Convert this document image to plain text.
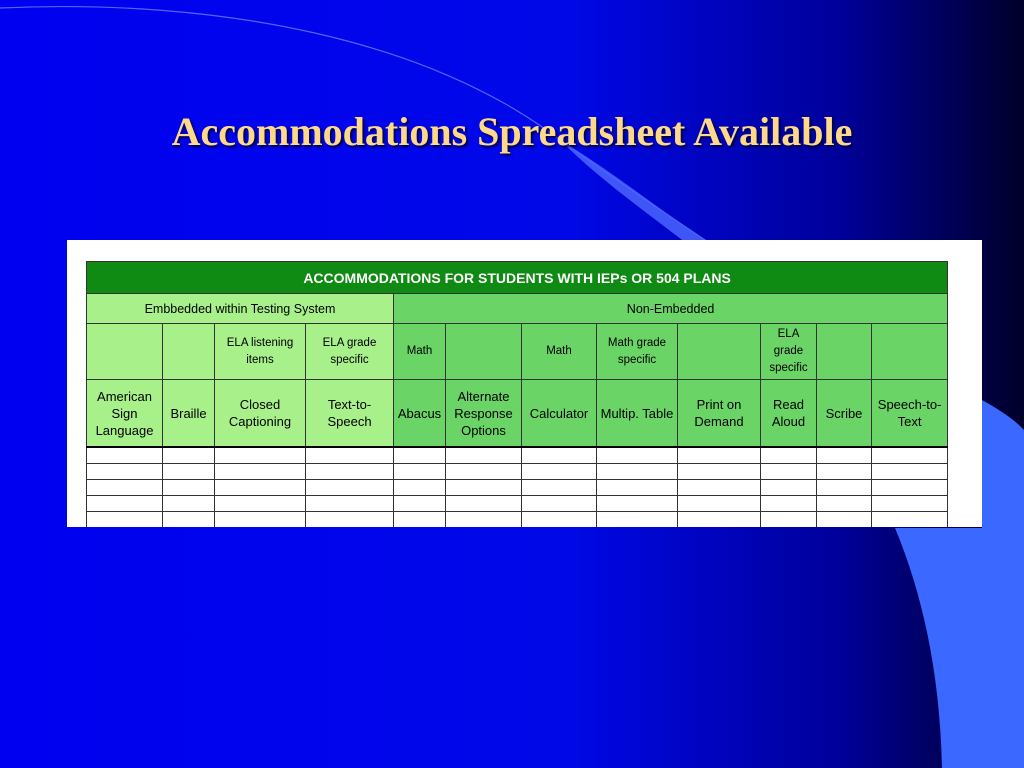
Accommodations Spreadsheet Available
ACCOMMODATIONS FOR STUDENTS WITH IEPs OR 504 PLANS											
Embbedded within Testing System				Non-Embedded							
		ELA listening items	ELA grade specific	Math		Math	Math grade specific		ELA grade specific		
American Sign Language	Braille	Closed Captioning	Text-to-Speech	Abacus	Alternate Response Options	Calculator	Multip. Table	Print on Demand	Read Aloud	Scribe	Speech-to-Text
